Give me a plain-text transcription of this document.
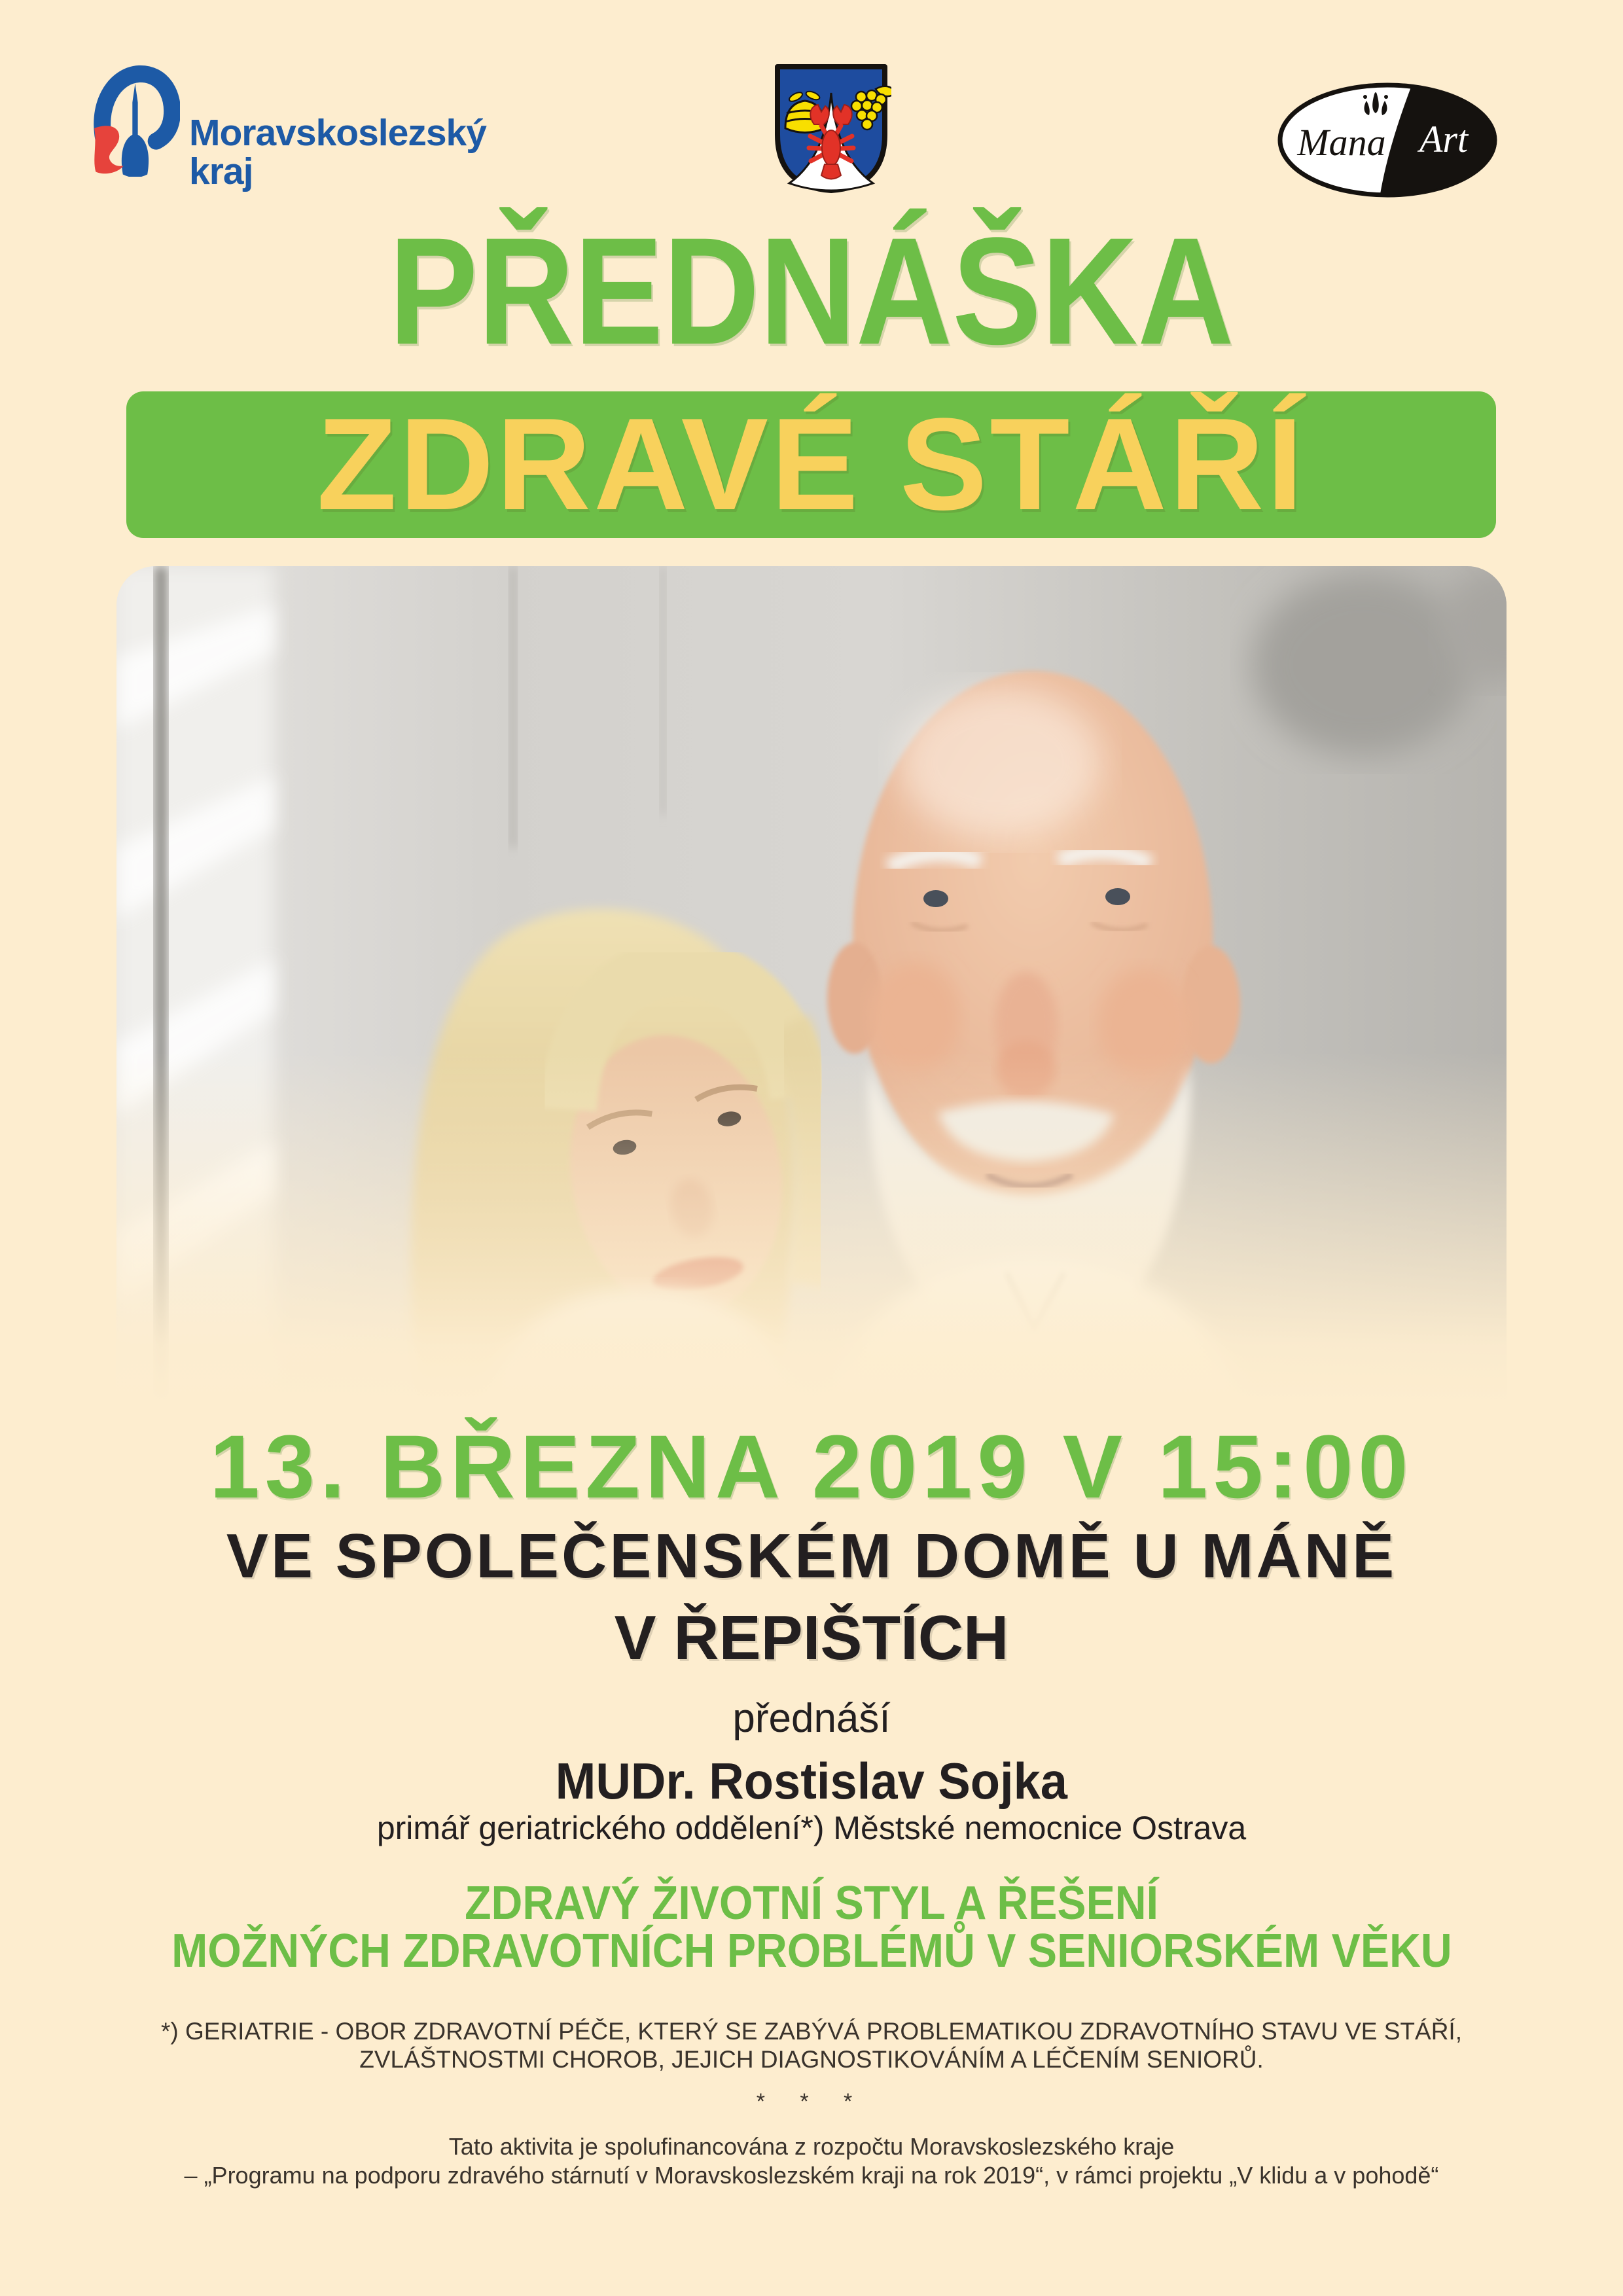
Moravskoslezský
kraj
Mana Art
PŘEDNÁŠKA
ZDRAVÉ STÁŘÍ
13. BŘEZNA 2019 V 15:00
VE SPOLEČENSKÉM DOMĚ U MÁNĚ
V ŘEPIŠTÍCH
přednáší
MUDr. Rostislav Sojka
primář geriatrického oddělení*) Městské nemocnice Ostrava
ZDRAVÝ ŽIVOTNÍ STYL A ŘEŠENÍ
MOŽNÝCH ZDRAVOTNÍCH PROBLÉMŮ V SENIORSKÉM VĚKU
*) GERIATRIE - OBOR ZDRAVOTNÍ PÉČE, KTERÝ SE ZABÝVÁ PROBLEMATIKOU ZDRAVOTNÍHO STAVU VE STÁŘÍ,
ZVLÁŠTNOSTMI CHOROB, JEJICH DIAGNOSTIKOVÁNÍM A LÉČENÍM SENIORŮ.
* * *
Tato aktivita je spolufinancována z rozpočtu Moravskoslezského kraje
– „Programu na podporu zdravého stárnutí v Moravskoslezském kraji na rok 2019“, v rámci projektu „V klidu a v pohodě“
